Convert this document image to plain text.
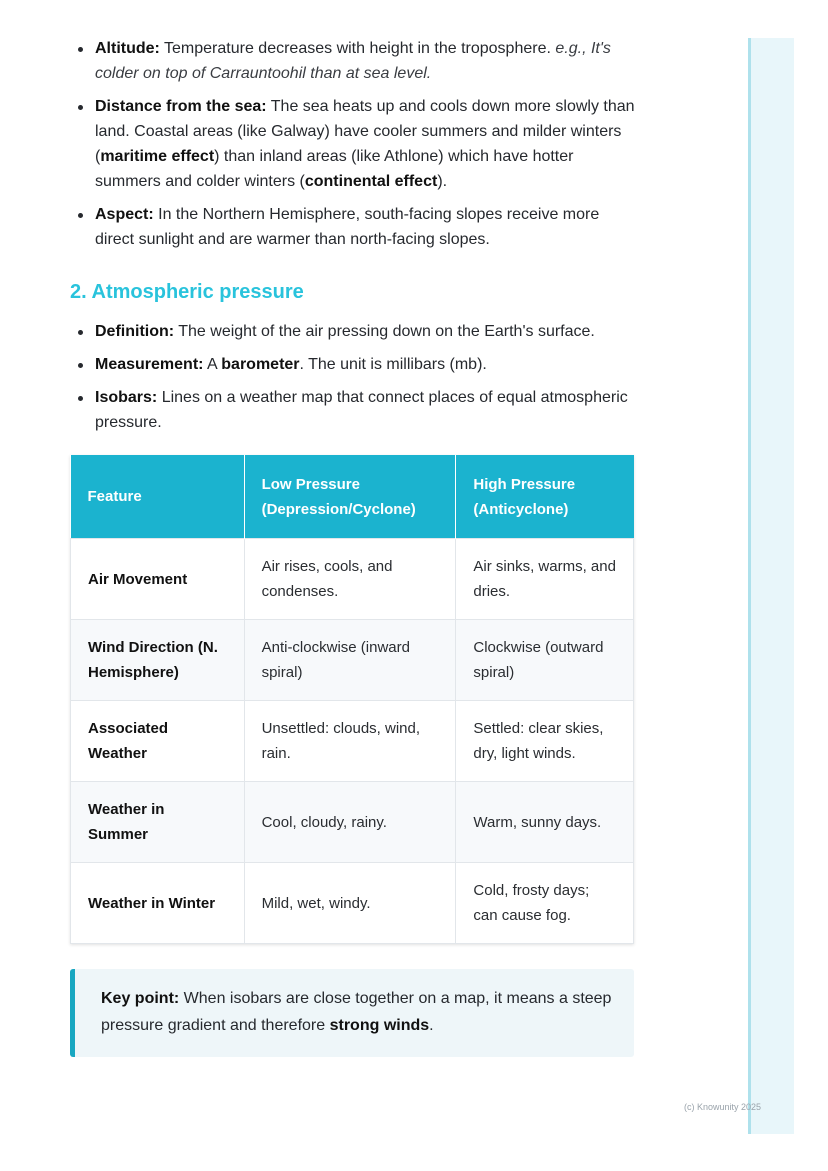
Altitude: Temperature decreases with height in the troposphere. e.g., It's colder on top of Carrauntoohil than at sea level.
Distance from the sea: The sea heats up and cools down more slowly than land. Coastal areas (like Galway) have cooler summers and milder winters (maritime effect) than inland areas (like Athlone) which have hotter summers and colder winters (continental effect).
Aspect: In the Northern Hemisphere, south-facing slopes receive more direct sunlight and are warmer than north-facing slopes.
2. Atmospheric pressure
Definition: The weight of the air pressing down on the Earth's surface.
Measurement: A barometer. The unit is millibars (mb).
Isobars: Lines on a weather map that connect places of equal atmospheric pressure.
Feature	Low Pressure (Depression/Cyclone)	High Pressure (Anticyclone)
Air Movement	Air rises, cools, and condenses.	Air sinks, warms, and dries.
Wind Direction (N. Hemisphere)	Anti-clockwise (inward spiral)	Clockwise (outward spiral)
Associated Weather	Unsettled: clouds, wind, rain.	Settled: clear skies, dry, light winds.
Weather in Summer	Cool, cloudy, rainy.	Warm, sunny days.
Weather in Winter	Mild, wet, windy.	Cold, frosty days; can cause fog.
Key point: When isobars are close together on a map, it means a steep pressure gradient and therefore strong winds.
(c) Knowunity 2025
